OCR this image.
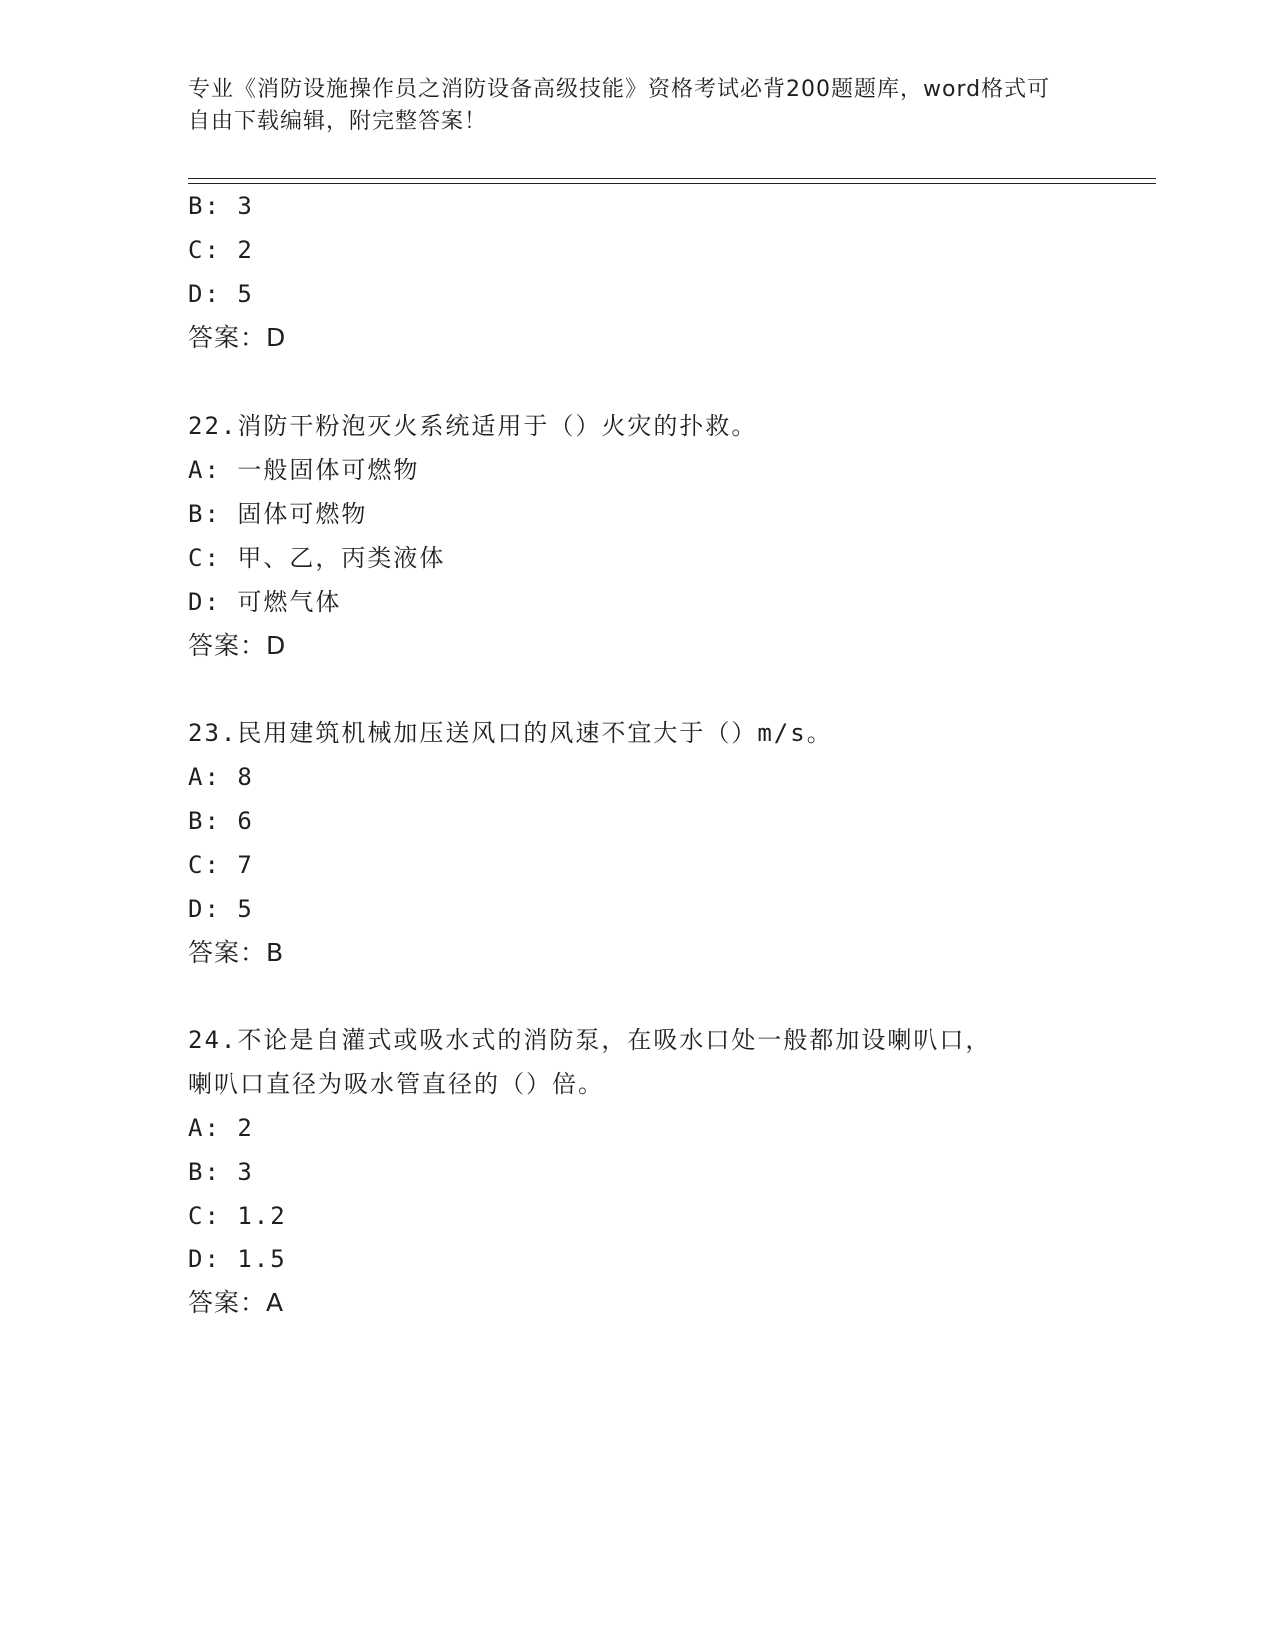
专业《消防设施操作员之消防设备高级技能》资格考试必背200题题库，word格式可自由下载编辑，附完整答案！
B: 3
C: 2
D: 5
答案：D
22.消防干粉泡灭火系统适用于（）火灾的扑救。
A: 一般固体可燃物
B: 固体可燃物
C: 甲、乙，丙类液体
D: 可燃气体
答案：D
23.民用建筑机械加压送风口的风速不宜大于（）m/s。
A: 8
B: 6
C: 7
D: 5
答案：B
24.不论是自灌式或吸水式的消防泵，在吸水口处一般都加设喇叭口，
喇叭口直径为吸水管直径的（）倍。
A: 2
B: 3
C: 1.2
D: 1.5
答案：A
